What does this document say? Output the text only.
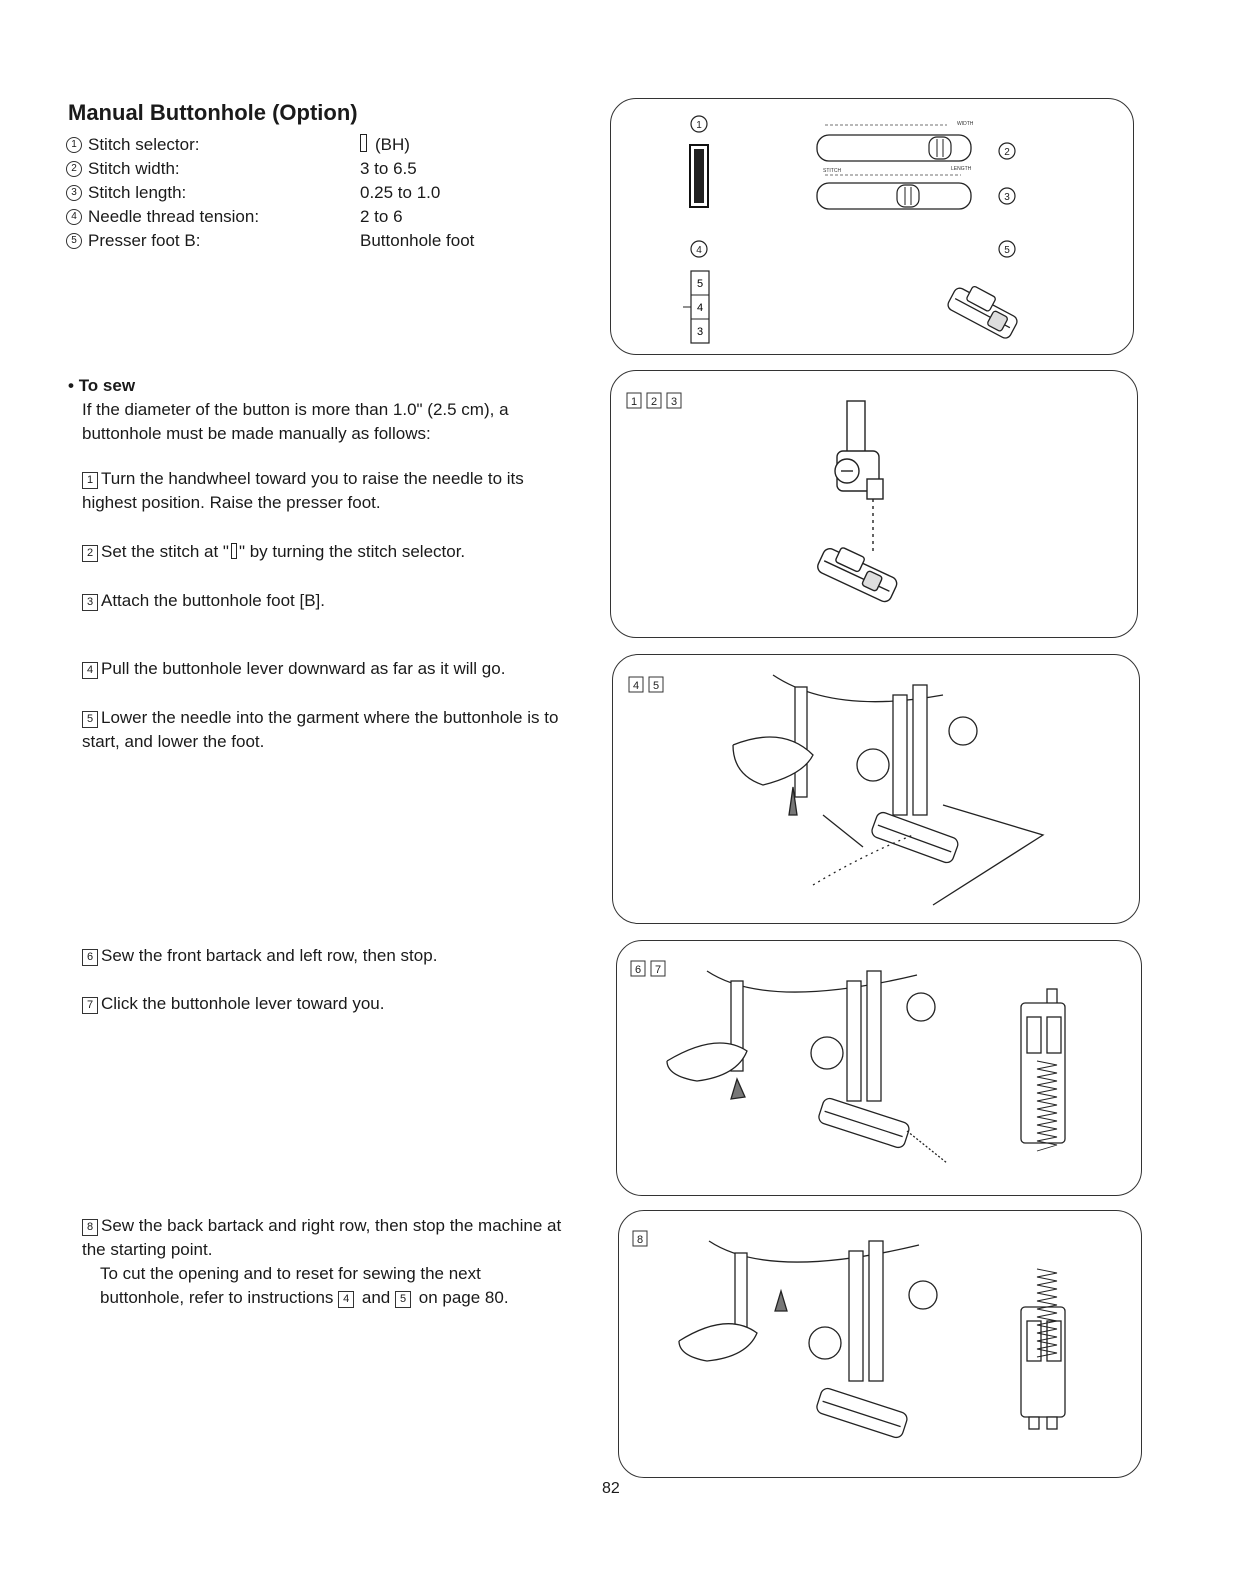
Manual Buttonhole (Option)
1 Stitch selector:	(BH)
2 Stitch width:	3 to 6.5
3 Stitch length:	0.25 to 1.0
4 Needle thread tension:	2 to 6
5 Presser foot B:	Buttonhole foot
• To sew
If the diameter of the button is more than 1.0" (2.5 cm), a buttonhole must be made manually as follows:
1 Turn the handwheel toward you to raise the needle to its highest position. Raise the presser foot.
2 Set the stitch at " " by turning the stitch selector.
3 Attach the buttonhole foot [B].
4 Pull the buttonhole lever downward as far as it will go.
5 Lower the needle into the garment where the buttonhole is to start, and lower the foot.
6 Sew the front bartack and left row, then stop.
7 Click the buttonhole lever toward you.
8 Sew the back bartack and right row, then stop the machine at the starting point.
To cut the opening and to reset for sewing the next buttonhole, refer to instructions 4 and 5 on page 80.
1
2
3
4	5
WIDTH
STITCH	LENGTH
5
4
3
1 2 3
4 5
6 7
8
82
